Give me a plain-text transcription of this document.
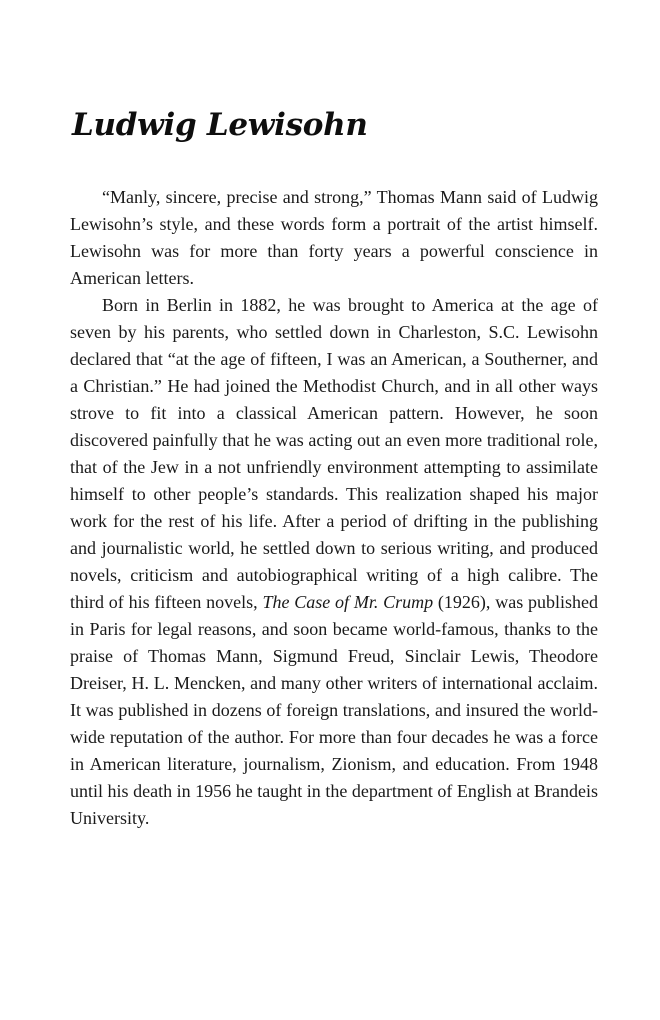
Ludwig Lewisohn

“Manly, sincere, precise and strong,” Thomas Mann said of Ludwig Lewisohn’s style, and these words form a portrait of the artist himself. Lewisohn was for more than forty years a powerful conscience in American letters.

Born in Berlin in 1882, he was brought to America at the age of seven by his parents, who settled down in Charleston, S.C. Lewisohn declared that “at the age of fifteen, I was an American, a Southerner, and a Christian.” He had joined the Methodist Church, and in all other ways strove to fit into a classical American pattern. However, he soon discovered painfully that he was acting out an even more traditional role, that of the Jew in a not unfriendly environment attempting to assimilate himself to other people’s standards. This realization shaped his major work for the rest of his life. After a period of drifting in the publishing and journalistic world, he settled down to serious writing, and produced novels, criticism and autobiographical writing of a high calibre. The third of his fifteen novels, The Case of Mr. Crump (1926), was published in Paris for legal reasons, and soon became world-famous, thanks to the praise of Thomas Mann, Sigmund Freud, Sinclair Lewis, Theodore Dreiser, H. L. Mencken, and many other writers of international acclaim. It was published in dozens of foreign translations, and insured the world-wide reputation of the author. For more than four decades he was a force in American literature, journalism, Zionism, and education. From 1948 until his death in 1956 he taught in the department of English at Brandeis University.
